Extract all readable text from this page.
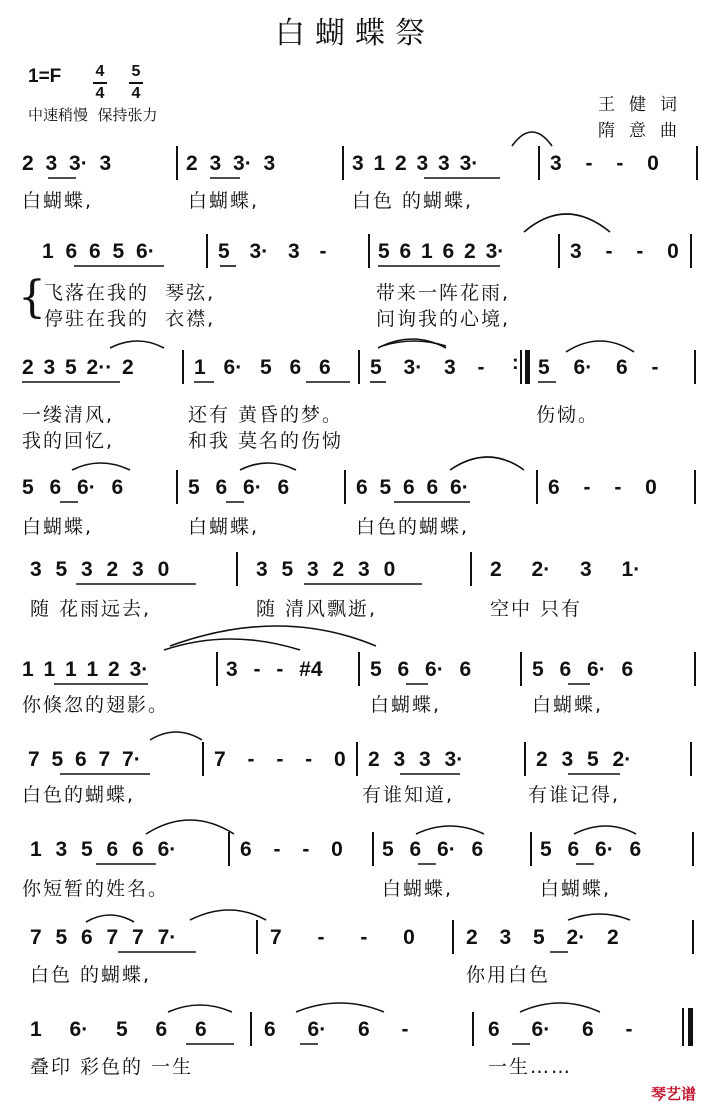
白蝴蝶祭
1=F	4
4
5
4
中速稍慢  保持张力	王健词
隋意曲
2 3 3· 3	2 3 3· 3	3 1 2 3 3 3·	3 - - 0
白蝴蝶,	白蝴蝶,	白色 的蝴蝶,
1 6 6 5 6·	5 3· 3 - 5 6 1 6 2 3·	3 - - 0
{
飞落在我的  琴弦,	带来一阵花雨,
停驻在我的  衣襟,	问询我的心境,
2 3 5 2·· 2	1 6· 5 6 6 5 3· 3 - : 5 6· 6 -
一缕清风,	还有 黄昏的梦。	伤恸。
我的回忆,	和我 莫名的伤恸
5 6 6· 6	5 6 6· 6	6 5 6 6 6·	6 - - 0
白蝴蝶,	白蝴蝶,	白色的蝴蝶,
3 5 3 2 3 0	3 5 3 2 3 0	2 2· 3 1·
随 花雨远去,	随 清风飘逝,	空中 只有
1 1 1 1 2 3·	3 - - #4 5 6 6· 6	5 6 6· 6
你倏忽的翅影。	白蝴蝶,	白蝴蝶,
7 5 6 7 7·	7 - - - 0 2 3 3 3·	2 3 5 2·
白色的蝴蝶,	有谁知道,	有谁记得,
1 3 5 6 6 6·	6 - - 0 5 6 6· 6	5 6 6· 6
你短暂的姓名。	白蝴蝶,	白蝴蝶,
7 5 6 7 7 7·	7 - - 0 2 3 5 2· 2
白色 的蝴蝶,	你用白色
1 6· 5 6 6	6 6· 6 -	6 6· 6 -
叠印 彩色的 一生	一生……
琴艺谱
